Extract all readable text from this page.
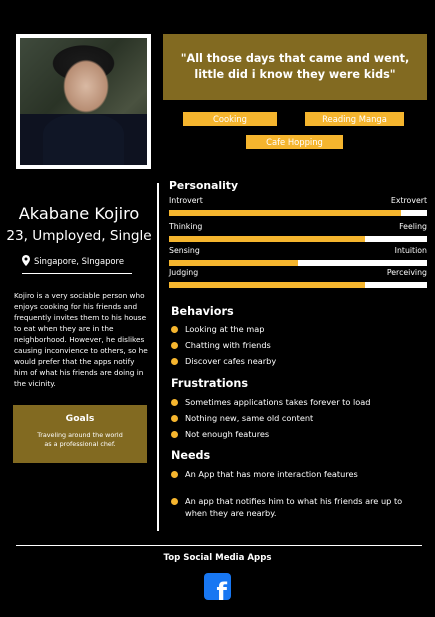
"All those days that came and went, little did i know they were kids"

Cooking	Reading Manga
Cafe Hopping
Akabane Kojiro
23, Umployed, Single
Singapore, SIngapore

Kojiro is a very sociable person who enjoys cooking for his friends and frequently invites them to his house to eat when they are in the neighborhood. However, he dislikes causing inconvience to others, so he would prefer that the apps notify him of what his friends are doing in the vicinity.

Goals

Traveling around the world as a professional chef.

Personality
Introvert	Extrovert
Thinking	Feeling
Sensing	Intuition
Judging	Perceiving
Behaviors
Looking at the map
Chatting with friends
Discover cafes nearby
Frustrations
Sometimes applications takes forever to load
Nothing new, same old content
Not enough features
Needs
An App that has more interaction features
An app that notifies him to what his friends are up to when they are nearby.
Top Social Media Apps
f
